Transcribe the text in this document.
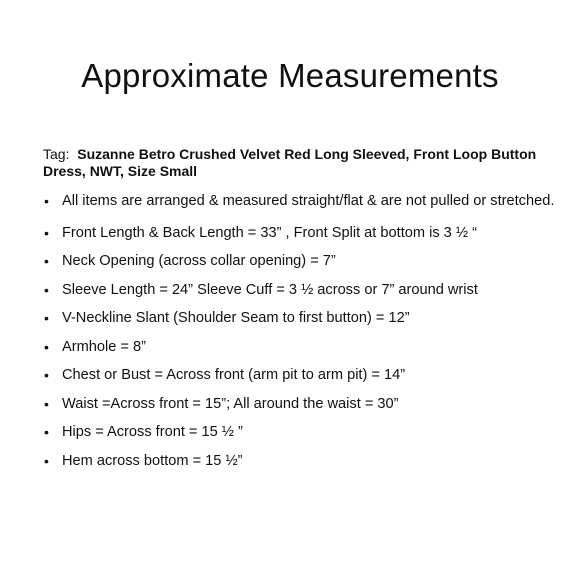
Approximate Measurements
Tag: Suzanne Betro Crushed Velvet Red Long Sleeved, Front Loop Button Dress, NWT, Size Small
• All items are arranged & measured straight/flat & are not pulled or stretched.
• Front Length & Back Length = 33” , Front Split at bottom is 3 ½ “
• Neck Opening (across collar opening) = 7”
• Sleeve Length = 24” Sleeve Cuff = 3 ½ across or 7” around wrist
• V-Neckline Slant (Shoulder Seam to first button) = 12”
• Armhole = 8”
• Chest or Bust = Across front (arm pit to arm pit) = 14”
• Waist =Across front = 15”; All around the waist = 30”
• Hips = Across front = 15 ½ ”
• Hem across bottom = 15 ½”
